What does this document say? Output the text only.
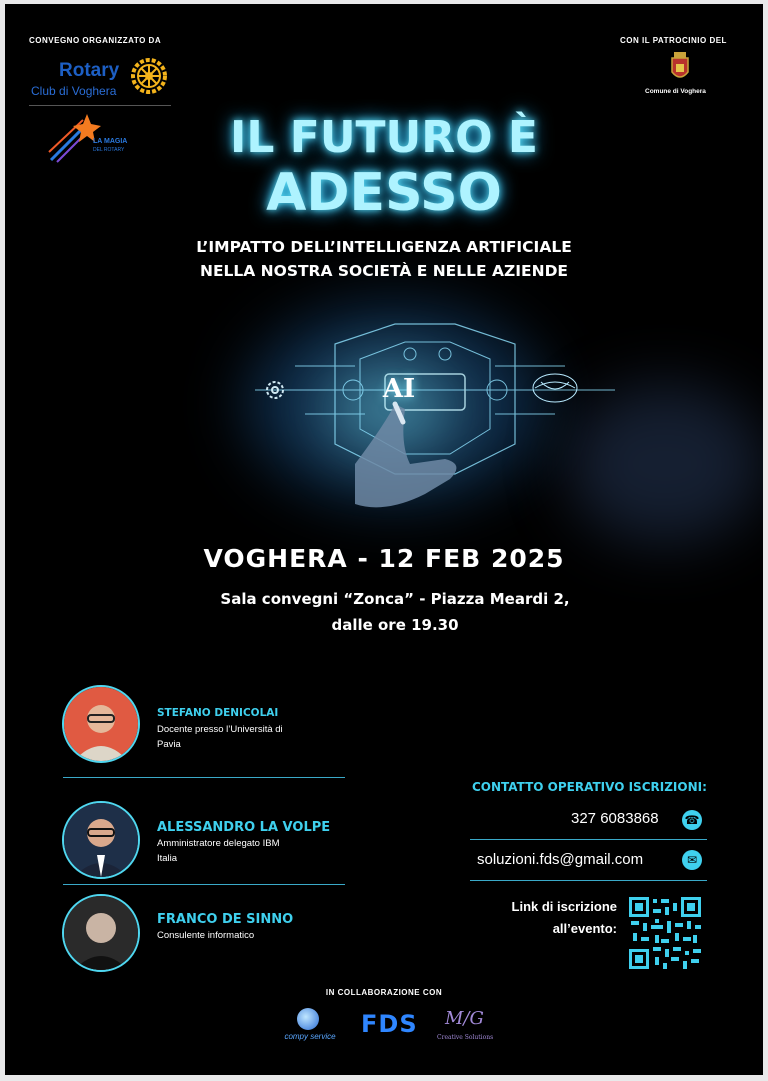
CONVEGNO ORGANIZZATO DA
Rotary
Club di Voghera
LA MAGIA
DEL ROTARY
CON IL PATROCINIO DEL
Comune di Voghera
IL FUTURO È
ADESSO
L’IMPATTO DELL’INTELLIGENZA ARTIFICIALE
NELLA NOSTRA SOCIETÀ E NELLE AZIENDE
AI
VOGHERA - 12 FEB 2025
Sala convegni “Zonca” - Piazza Meardi 2,
dalle ore 19.30
STEFANO DENICOLAI
Docente presso l’Università di
Pavia
ALESSANDRO LA VOLPE
Amministratore delegato IBM
Italia
FRANCO DE SINNO
Consulente informatico
CONTATTO OPERATIVO ISCRIZIONI:
327 6083868 ☎
soluzioni.fds@gmail.com	✉
Link di iscrizione
all’evento:
IN COLLABORAZIONE CON
compy service	FDS M/G
Creative Solutions
